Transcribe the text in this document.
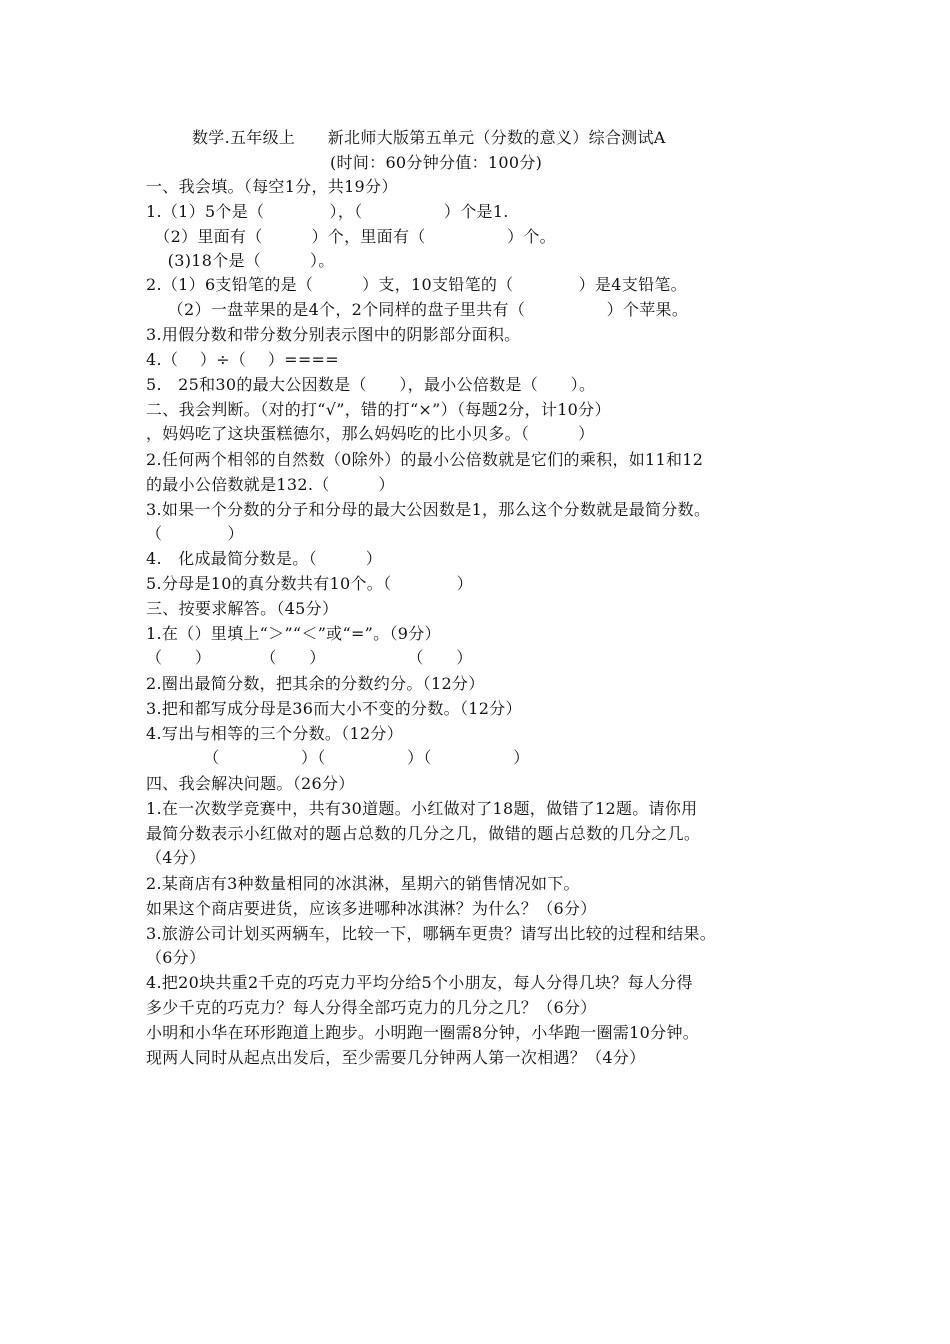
数学.五年级上　　新北师大版第五单元（分数的意义）综合测试A
(时间：60分钟分值：100分)
一、我会填。（每空1分，共19分）
1.（1）5个是（　　　　），（　　　　　）个是1.
　（2）里面有（　　　）个，里面有（　　　　　）个。
　 (3)18个是（　　　）。
2.（1）6支铅笔的是（　　　）支，10支铅笔的（　　　　）是4支铅笔。
　 （2）一盘苹果的是4个，2个同样的盘子里共有（　　　　　）个苹果。
3.用假分数和带分数分别表示图中的阴影部分面积。
4.（　 ）÷（　 ）====
5.　25和30的最大公因数是（　　），最小公倍数是（　　）。
二、我会判断。（对的打“√”，错的打“×”）（每题2分，计10分）
，妈妈吃了这块蛋糕德尔，那么妈妈吃的比小贝多。（　　　）
2.任何两个相邻的自然数（0除外）的最小公倍数就是它们的乘积，如11和12
的最小公倍数就是132.（　　　）
3.如果一个分数的分子和分母的最大公因数是1，那么这个分数就是最简分数。
（　　　　）
4.　化成最简分数是。（　　　）
5.分母是10的真分数共有10个。（　　　　）
三、按要求解答。（45分）
1.在（）里填上“＞”“＜”或“=”。（9分）
（　　）　　　　（　　）　　　　　　（　　）
2.圈出最简分数，把其余的分数约分。（12分）
3.把和都写成分母是36而大小不变的分数。（12分）
4.写出与相等的三个分数。（12分）
　　　　（　　　　　）（　　　　　）（　　　　　）
四、我会解决问题。（26分）
1.在一次数学竞赛中，共有30道题。小红做对了18题，做错了12题。请你用
最简分数表示小红做对的题占总数的几分之几，做错的题占总数的几分之几。
（4分）
2.某商店有3种数量相同的冰淇淋，星期六的销售情况如下。
如果这个商店要进货，应该多进哪种冰淇淋？为什么？（6分）
3.旅游公司计划买两辆车，比较一下，哪辆车更贵？请写出比较的过程和结果。
（6分）
4.把20块共重2千克的巧克力平均分给5个小朋友，每人分得几块？每人分得
多少千克的巧克力？每人分得全部巧克力的几分之几？（6分）
小明和小华在环形跑道上跑步。小明跑一圈需8分钟，小华跑一圈需10分钟。
现两人同时从起点出发后，至少需要几分钟两人第一次相遇？（4分）
